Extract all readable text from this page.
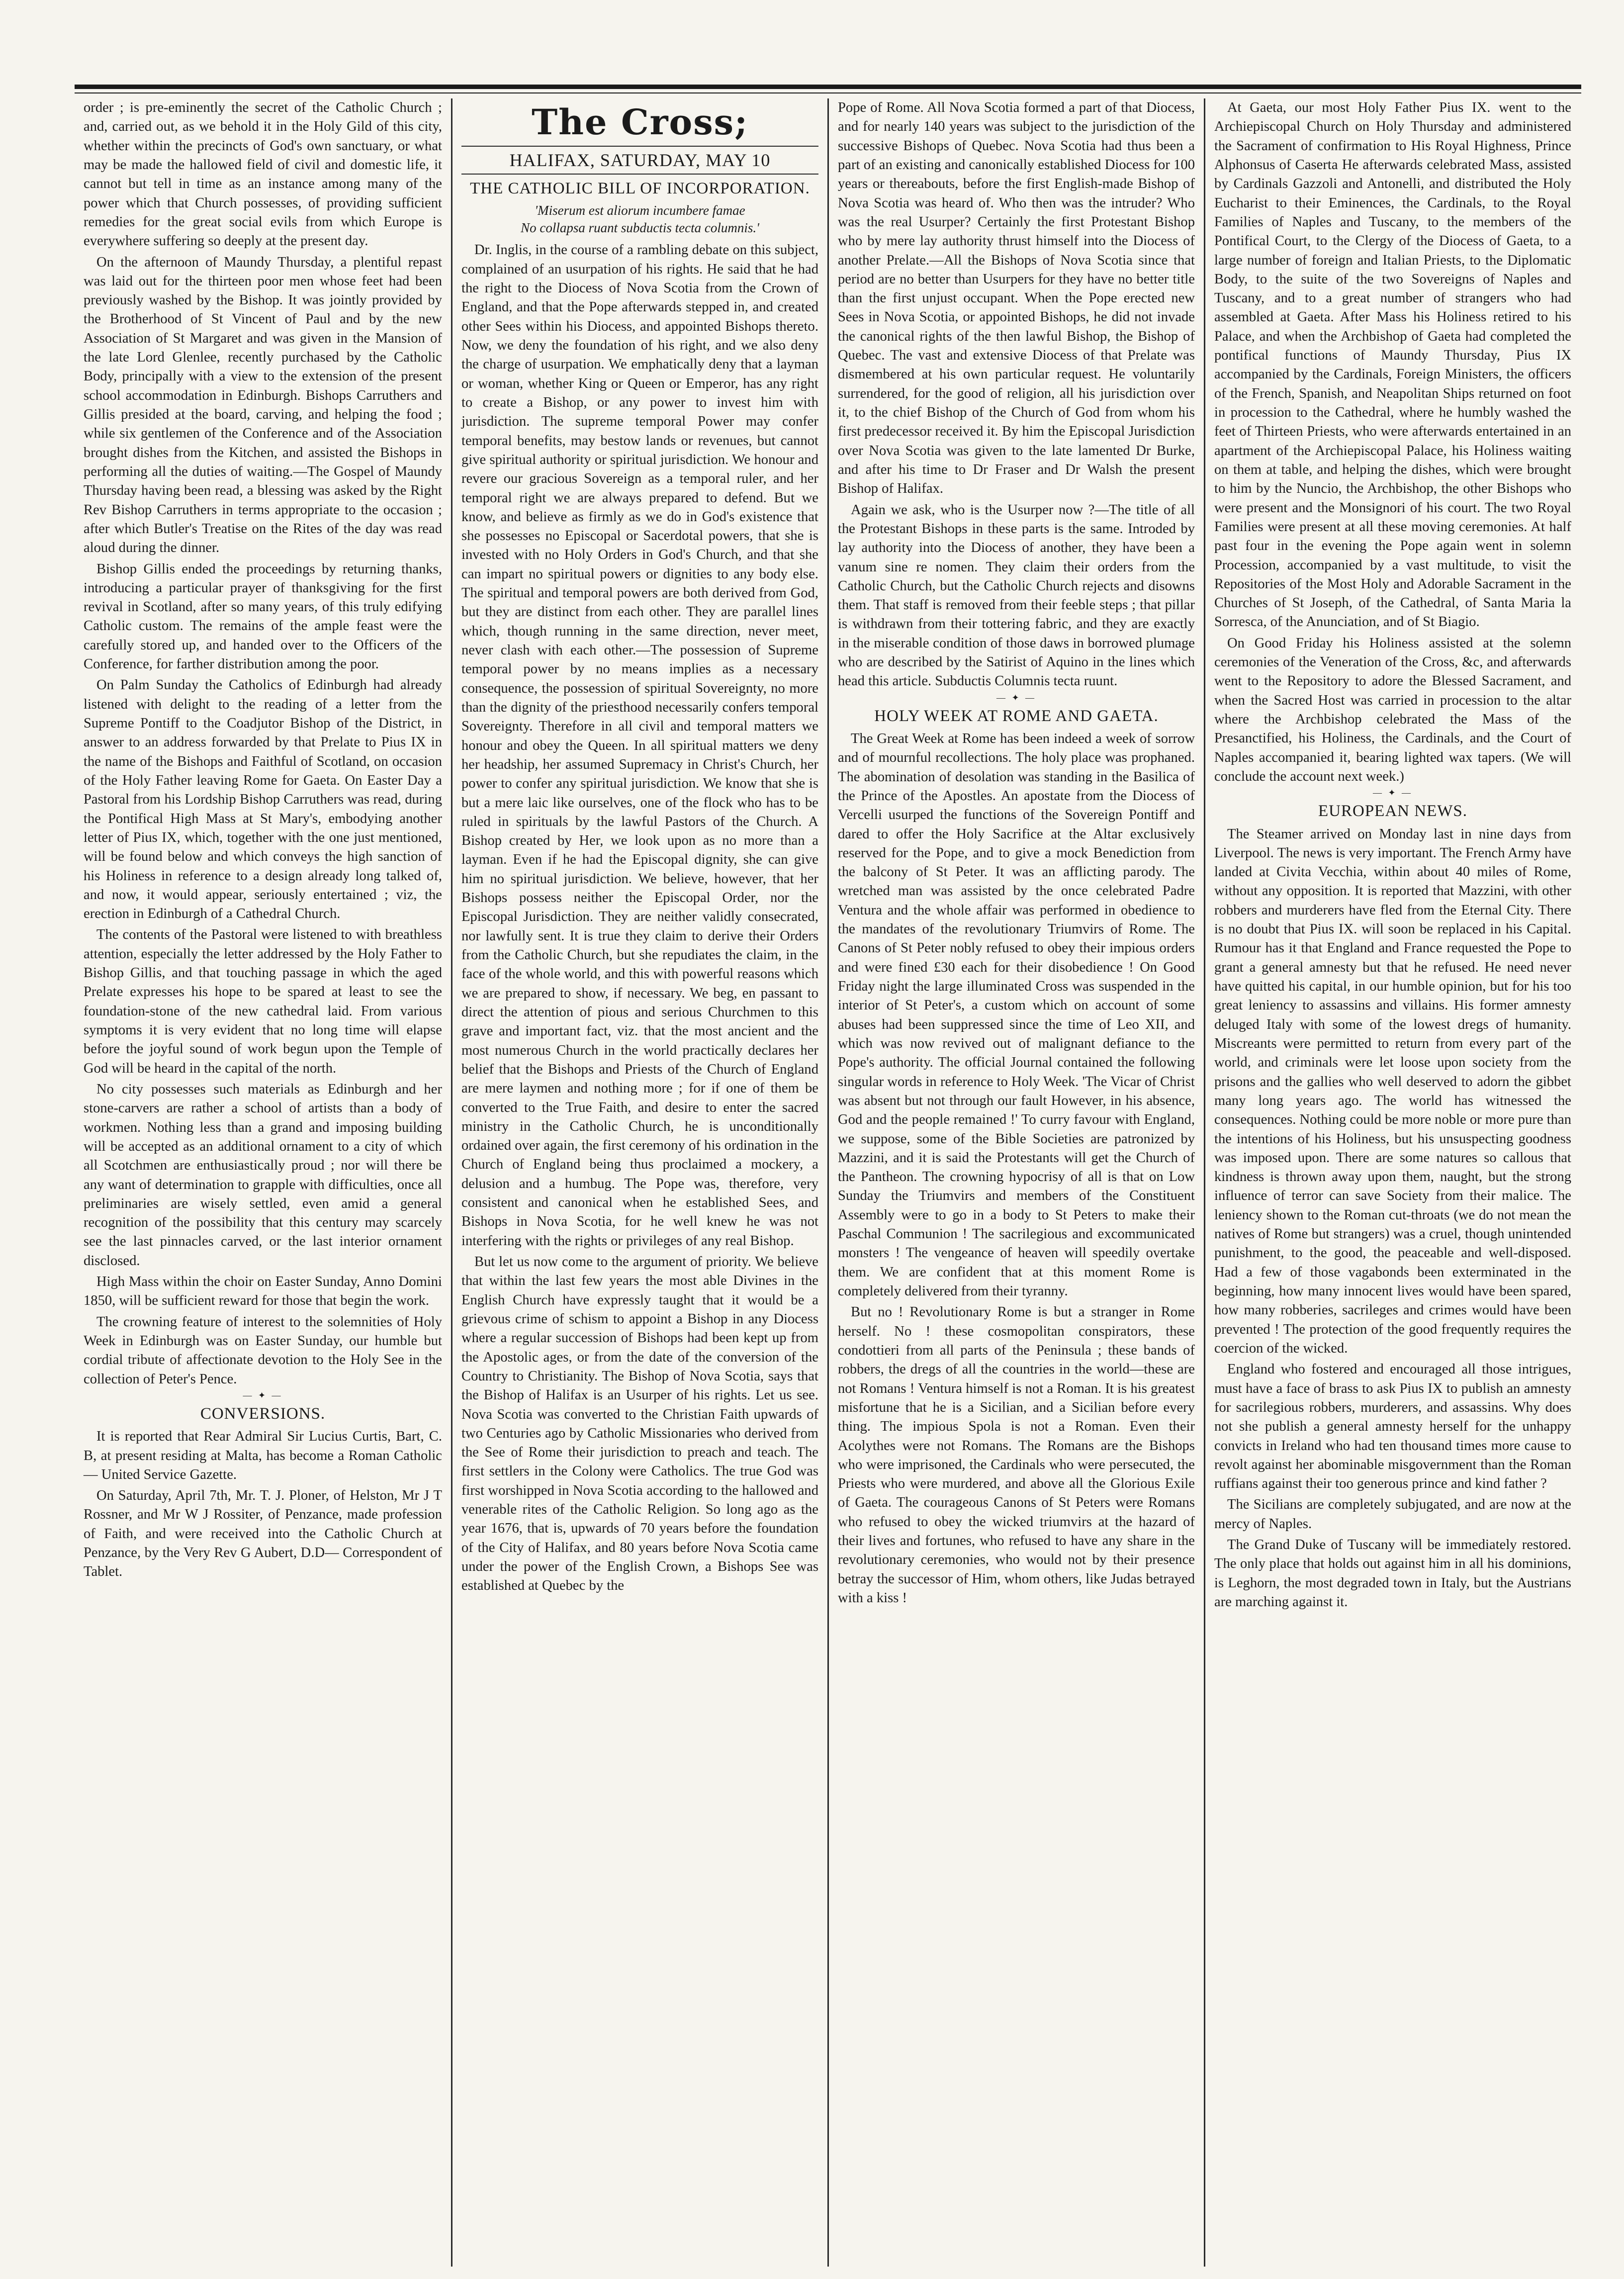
order ; is pre-eminently the secret of the Catholic Church ; and, carried out, as we behold it in the Holy Gild of this city, whether within the precincts of God's own sanctuary, or what may be made the hallowed field of civil and domestic life, it cannot but tell in time as an instance among many of the power which that Church possesses, of providing sufficient remedies for the great social evils from which Europe is everywhere suffering so deeply at the present day.

On the afternoon of Maundy Thursday, a plentiful repast was laid out for the thirteen poor men whose feet had been previously washed by the Bishop. It was jointly provided by the Brotherhood of St Vincent of Paul and by the new Association of St Margaret and was given in the Mansion of the late Lord Glenlee, recently purchased by the Catholic Body, principally with a view to the extension of the present school accommodation in Edinburgh. Bishops Carruthers and Gillis presided at the board, carving, and helping the food ; while six gentlemen of the Conference and of the Association brought dishes from the Kitchen, and assisted the Bishops in performing all the duties of waiting.—The Gospel of Maundy Thursday having been read, a blessing was asked by the Right Rev Bishop Carruthers in terms appropriate to the occasion ; after which Butler's Treatise on the Rites of the day was read aloud during the dinner.

Bishop Gillis ended the proceedings by returning thanks, introducing a particular prayer of thanksgiving for the first revival in Scotland, after so many years, of this truly edifying Catholic custom. The remains of the ample feast were the carefully stored up, and handed over to the Officers of the Conference, for farther distribution among the poor.

On Palm Sunday the Catholics of Edinburgh had already listened with delight to the reading of a letter from the Supreme Pontiff to the Coadjutor Bishop of the District, in answer to an address forwarded by that Prelate to Pius IX in the name of the Bishops and Faithful of Scotland, on occasion of the Holy Father leaving Rome for Gaeta. On Easter Day a Pastoral from his Lordship Bishop Carruthers was read, during the Pontifical High Mass at St Mary's, embodying another letter of Pius IX, which, together with the one just mentioned, will be found below and which conveys the high sanction of his Holiness in reference to a design already long talked of, and now, it would appear, seriously entertained ; viz, the erection in Edinburgh of a Cathedral Church.

The contents of the Pastoral were listened to with breathless attention, especially the letter addressed by the Holy Father to Bishop Gillis, and that touching passage in which the aged Prelate expresses his hope to be spared at least to see the foundation-stone of the new cathedral laid. From various symptoms it is very evident that no long time will elapse before the joyful sound of work begun upon the Temple of God will be heard in the capital of the north.

No city possesses such materials as Edinburgh and her stone-carvers are rather a school of artists than a body of workmen. Nothing less than a grand and imposing building will be accepted as an additional ornament to a city of which all Scotchmen are enthusiastically proud ; nor will there be any want of determination to grapple with difficulties, once all preliminaries are wisely settled, even amid a general recognition of the possibility that this century may scarcely see the last pinnacles carved, or the last interior ornament disclosed.

High Mass within the choir on Easter Sunday, Anno Domini 1850, will be sufficient reward for those that begin the work.

The crowning feature of interest to the solemnities of Holy Week in Edinburgh was on Easter Sunday, our humble but cordial tribute of affectionate devotion to the Holy See in the collection of Peter's Pence.

— ✦ —
CONVERSIONS.

It is reported that Rear Admiral Sir Lucius Curtis, Bart, C. B, at present residing at Malta, has become a Roman Catholic — United Service Gazette.

On Saturday, April 7th, Mr. T. J. Ploner, of Helston, Mr J T Rossner, and Mr W J Rossiter, of Penzance, made profession of Faith, and were received into the Catholic Church at Penzance, by the Very Rev G Aubert, D.D— Correspondent of Tablet.

The Cross;
HALIFAX, SATURDAY, MAY 10
THE CATHOLIC BILL OF INCORPORATION.
'Miserum est aliorum incumbere famae
No collapsa ruant subductis tecta columnis.'

Dr. Inglis, in the course of a rambling debate on this subject, complained of an usurpation of his rights. He said that he had the right to the Diocess of Nova Scotia from the Crown of England, and that the Pope afterwards stepped in, and created other Sees within his Diocess, and appointed Bishops thereto. Now, we deny the foundation of his right, and we also deny the charge of usurpation. We emphatically deny that a layman or woman, whether King or Queen or Emperor, has any right to create a Bishop, or any power to invest him with jurisdiction. The supreme temporal Power may confer temporal benefits, may bestow lands or revenues, but cannot give spiritual authority or spiritual jurisdiction. We honour and revere our gracious Sovereign as a temporal ruler, and her temporal right we are always prepared to defend. But we know, and believe as firmly as we do in God's existence that she possesses no Episcopal or Sacerdotal powers, that she is invested with no Holy Orders in God's Church, and that she can impart no spiritual powers or dignities to any body else. The spiritual and temporal powers are both derived from God, but they are distinct from each other. They are parallel lines which, though running in the same direction, never meet, never clash with each other.—The possession of Supreme temporal power by no means implies as a necessary consequence, the possession of spiritual Sovereignty, no more than the dignity of the priesthood necessarily confers temporal Sovereignty. Therefore in all civil and temporal matters we honour and obey the Queen. In all spiritual matters we deny her headship, her assumed Supremacy in Christ's Church, her power to confer any spiritual jurisdiction. We know that she is but a mere laic like ourselves, one of the flock who has to be ruled in spirituals by the lawful Pastors of the Church. A Bishop created by Her, we look upon as no more than a layman. Even if he had the Episcopal dignity, she can give him no spiritual jurisdiction. We believe, however, that her Bishops possess neither the Episcopal Order, nor the Episcopal Jurisdiction. They are neither validly consecrated, nor lawfully sent. It is true they claim to derive their Orders from the Catholic Church, but she repudiates the claim, in the face of the whole world, and this with powerful reasons which we are prepared to show, if necessary. We beg, en passant to direct the attention of pious and serious Churchmen to this grave and important fact, viz. that the most ancient and the most numerous Church in the world practically declares her belief that the Bishops and Priests of the Church of England are mere laymen and nothing more ; for if one of them be converted to the True Faith, and desire to enter the sacred ministry in the Catholic Church, he is unconditionally ordained over again, the first ceremony of his ordination in the Church of England being thus proclaimed a mockery, a delusion and a humbug. The Pope was, therefore, very consistent and canonical when he established Sees, and Bishops in Nova Scotia, for he well knew he was not interfering with the rights or privileges of any real Bishop.

But let us now come to the argument of priority. We believe that within the last few years the most able Divines in the English Church have expressly taught that it would be a grievous crime of schism to appoint a Bishop in any Diocess where a regular succession of Bishops had been kept up from the Apostolic ages, or from the date of the conversion of the Country to Christianity. The Bishop of Nova Scotia, says that the Bishop of Halifax is an Usurper of his rights. Let us see. Nova Scotia was converted to the Christian Faith upwards of two Centuries ago by Catholic Missionaries who derived from the See of Rome their jurisdiction to preach and teach. The first settlers in the Colony were Catholics. The true God was first worshipped in Nova Scotia according to the hallowed and venerable rites of the Catholic Religion. So long ago as the year 1676, that is, upwards of 70 years before the foundation of the City of Halifax, and 80 years before Nova Scotia came under the power of the English Crown, a Bishops See was established at Quebec by the

Pope of Rome. All Nova Scotia formed a part of that Diocess, and for nearly 140 years was subject to the jurisdiction of the successive Bishops of Quebec. Nova Scotia had thus been a part of an existing and canonically established Diocess for 100 years or thereabouts, before the first English-made Bishop of Nova Scotia was heard of. Who then was the intruder? Who was the real Usurper? Certainly the first Protestant Bishop who by mere lay authority thrust himself into the Diocess of another Prelate.—All the Bishops of Nova Scotia since that period are no better than Usurpers for they have no better title than the first unjust occupant. When the Pope erected new Sees in Nova Scotia, or appointed Bishops, he did not invade the canonical rights of the then lawful Bishop, the Bishop of Quebec. The vast and extensive Diocess of that Prelate was dismembered at his own particular request. He voluntarily surrendered, for the good of religion, all his jurisdiction over it, to the chief Bishop of the Church of God from whom his first predecessor received it. By him the Episcopal Jurisdiction over Nova Scotia was given to the late lamented Dr Burke, and after his time to Dr Fraser and Dr Walsh the present Bishop of Halifax.

Again we ask, who is the Usurper now ?—The title of all the Protestant Bishops in these parts is the same. Introded by lay authority into the Diocess of another, they have been a vanum sine re nomen. They claim their orders from the Catholic Church, but the Catholic Church rejects and disowns them. That staff is removed from their feeble steps ; that pillar is withdrawn from their tottering fabric, and they are exactly in the miserable condition of those daws in borrowed plumage who are described by the Satirist of Aquino in the lines which head this article. Subductis Columnis tecta ruunt.

— ✦ —
HOLY WEEK AT ROME AND GAETA.

The Great Week at Rome has been indeed a week of sorrow and of mournful recollections. The holy place was prophaned. The abomination of desolation was standing in the Basilica of the Prince of the Apostles. An apostate from the Diocess of Vercelli usurped the functions of the Sovereign Pontiff and dared to offer the Holy Sacrifice at the Altar exclusively reserved for the Pope, and to give a mock Benediction from the balcony of St Peter. It was an afflicting parody. The wretched man was assisted by the once celebrated Padre Ventura and the whole affair was performed in obedience to the mandates of the revolutionary Triumvirs of Rome. The Canons of St Peter nobly refused to obey their impious orders and were fined £30 each for their disobedience ! On Good Friday night the large illuminated Cross was suspended in the interior of St Peter's, a custom which on account of some abuses had been suppressed since the time of Leo XII, and which was now revived out of malignant defiance to the Pope's authority. The official Journal contained the following singular words in reference to Holy Week. 'The Vicar of Christ was absent but not through our fault However, in his absence, God and the people remained !' To curry favour with England, we suppose, some of the Bible Societies are patronized by Mazzini, and it is said the Protestants will get the Church of the Pantheon. The crowning hypocrisy of all is that on Low Sunday the Triumvirs and members of the Constituent Assembly were to go in a body to St Peters to make their Paschal Communion ! The sacrilegious and excommunicated monsters ! The vengeance of heaven will speedily overtake them. We are confident that at this moment Rome is completely delivered from their tyranny.

But no ! Revolutionary Rome is but a stranger in Rome herself. No ! these cosmopolitan conspirators, these condottieri from all parts of the Peninsula ; these bands of robbers, the dregs of all the countries in the world—these are not Romans ! Ventura himself is not a Roman. It is his greatest misfortune that he is a Sicilian, and a Sicilian before every thing. The impious Spola is not a Roman. Even their Acolythes were not Romans. The Romans are the Bishops who were imprisoned, the Cardinals who were persecuted, the Priests who were murdered, and above all the Glorious Exile of Gaeta. The courageous Canons of St Peters were Romans who refused to obey the wicked triumvirs at the hazard of their lives and fortunes, who refused to have any share in the revolutionary ceremonies, who would not by their presence betray the successor of Him, whom others, like Judas betrayed with a kiss !

At Gaeta, our most Holy Father Pius IX. went to the Archiepiscopal Church on Holy Thursday and administered the Sacrament of confirmation to His Royal Highness, Prince Alphonsus of Caserta He afterwards celebrated Mass, assisted by Cardinals Gazzoli and Antonelli, and distributed the Holy Eucharist to their Eminences, the Cardinals, to the Royal Families of Naples and Tuscany, to the members of the Pontifical Court, to the Clergy of the Diocess of Gaeta, to a large number of foreign and Italian Priests, to the Diplomatic Body, to the suite of the two Sovereigns of Naples and Tuscany, and to a great number of strangers who had assembled at Gaeta. After Mass his Holiness retired to his Palace, and when the Archbishop of Gaeta had completed the pontifical functions of Maundy Thursday, Pius IX accompanied by the Cardinals, Foreign Ministers, the officers of the French, Spanish, and Neapolitan Ships returned on foot in procession to the Cathedral, where he humbly washed the feet of Thirteen Priests, who were afterwards entertained in an apartment of the Archiepiscopal Palace, his Holiness waiting on them at table, and helping the dishes, which were brought to him by the Nuncio, the Archbishop, the other Bishops who were present and the Monsignori of his court. The two Royal Families were present at all these moving ceremonies. At half past four in the evening the Pope again went in solemn Procession, accompanied by a vast multitude, to visit the Repositories of the Most Holy and Adorable Sacrament in the Churches of St Joseph, of the Cathedral, of Santa Maria la Sorresca, of the Anunciation, and of St Biagio.

On Good Friday his Holiness assisted at the solemn ceremonies of the Veneration of the Cross, &c, and afterwards went to the Repository to adore the Blessed Sacrament, and when the Sacred Host was carried in procession to the altar where the Archbishop celebrated the Mass of the Presanctified, his Holiness, the Cardinals, and the Court of Naples accompanied it, bearing lighted wax tapers. (We will conclude the account next week.)

— ✦ —
EUROPEAN NEWS.

The Steamer arrived on Monday last in nine days from Liverpool. The news is very important. The French Army have landed at Civita Vecchia, within about 40 miles of Rome, without any opposition. It is reported that Mazzini, with other robbers and murderers have fled from the Eternal City. There is no doubt that Pius IX. will soon be replaced in his Capital. Rumour has it that England and France requested the Pope to grant a general amnesty but that he refused. He need never have quitted his capital, in our humble opinion, but for his too great leniency to assassins and villains. His former amnesty deluged Italy with some of the lowest dregs of humanity. Miscreants were permitted to return from every part of the world, and criminals were let loose upon society from the prisons and the gallies who well deserved to adorn the gibbet many long years ago. The world has witnessed the consequences. Nothing could be more noble or more pure than the intentions of his Holiness, but his unsuspecting goodness was imposed upon. There are some natures so callous that kindness is thrown away upon them, naught, but the strong influence of terror can save Society from their malice. The leniency shown to the Roman cut-throats (we do not mean the natives of Rome but strangers) was a cruel, though unintended punishment, to the good, the peaceable and well-disposed. Had a few of those vagabonds been exterminated in the beginning, how many innocent lives would have been spared, how many robberies, sacrileges and crimes would have been prevented ! The protection of the good frequently requires the coercion of the wicked.

England who fostered and encouraged all those intrigues, must have a face of brass to ask Pius IX to publish an amnesty for sacrilegious robbers, murderers, and assassins. Why does not she publish a general amnesty herself for the unhappy convicts in Ireland who had ten thousand times more cause to revolt against her abominable misgovernment than the Roman ruffians against their too generous prince and kind father ?

The Sicilians are completely subjugated, and are now at the mercy of Naples.

The Grand Duke of Tuscany will be immediately restored. The only place that holds out against him in all his dominions, is Leghorn, the most degraded town in Italy, but the Austrians are marching against it.
